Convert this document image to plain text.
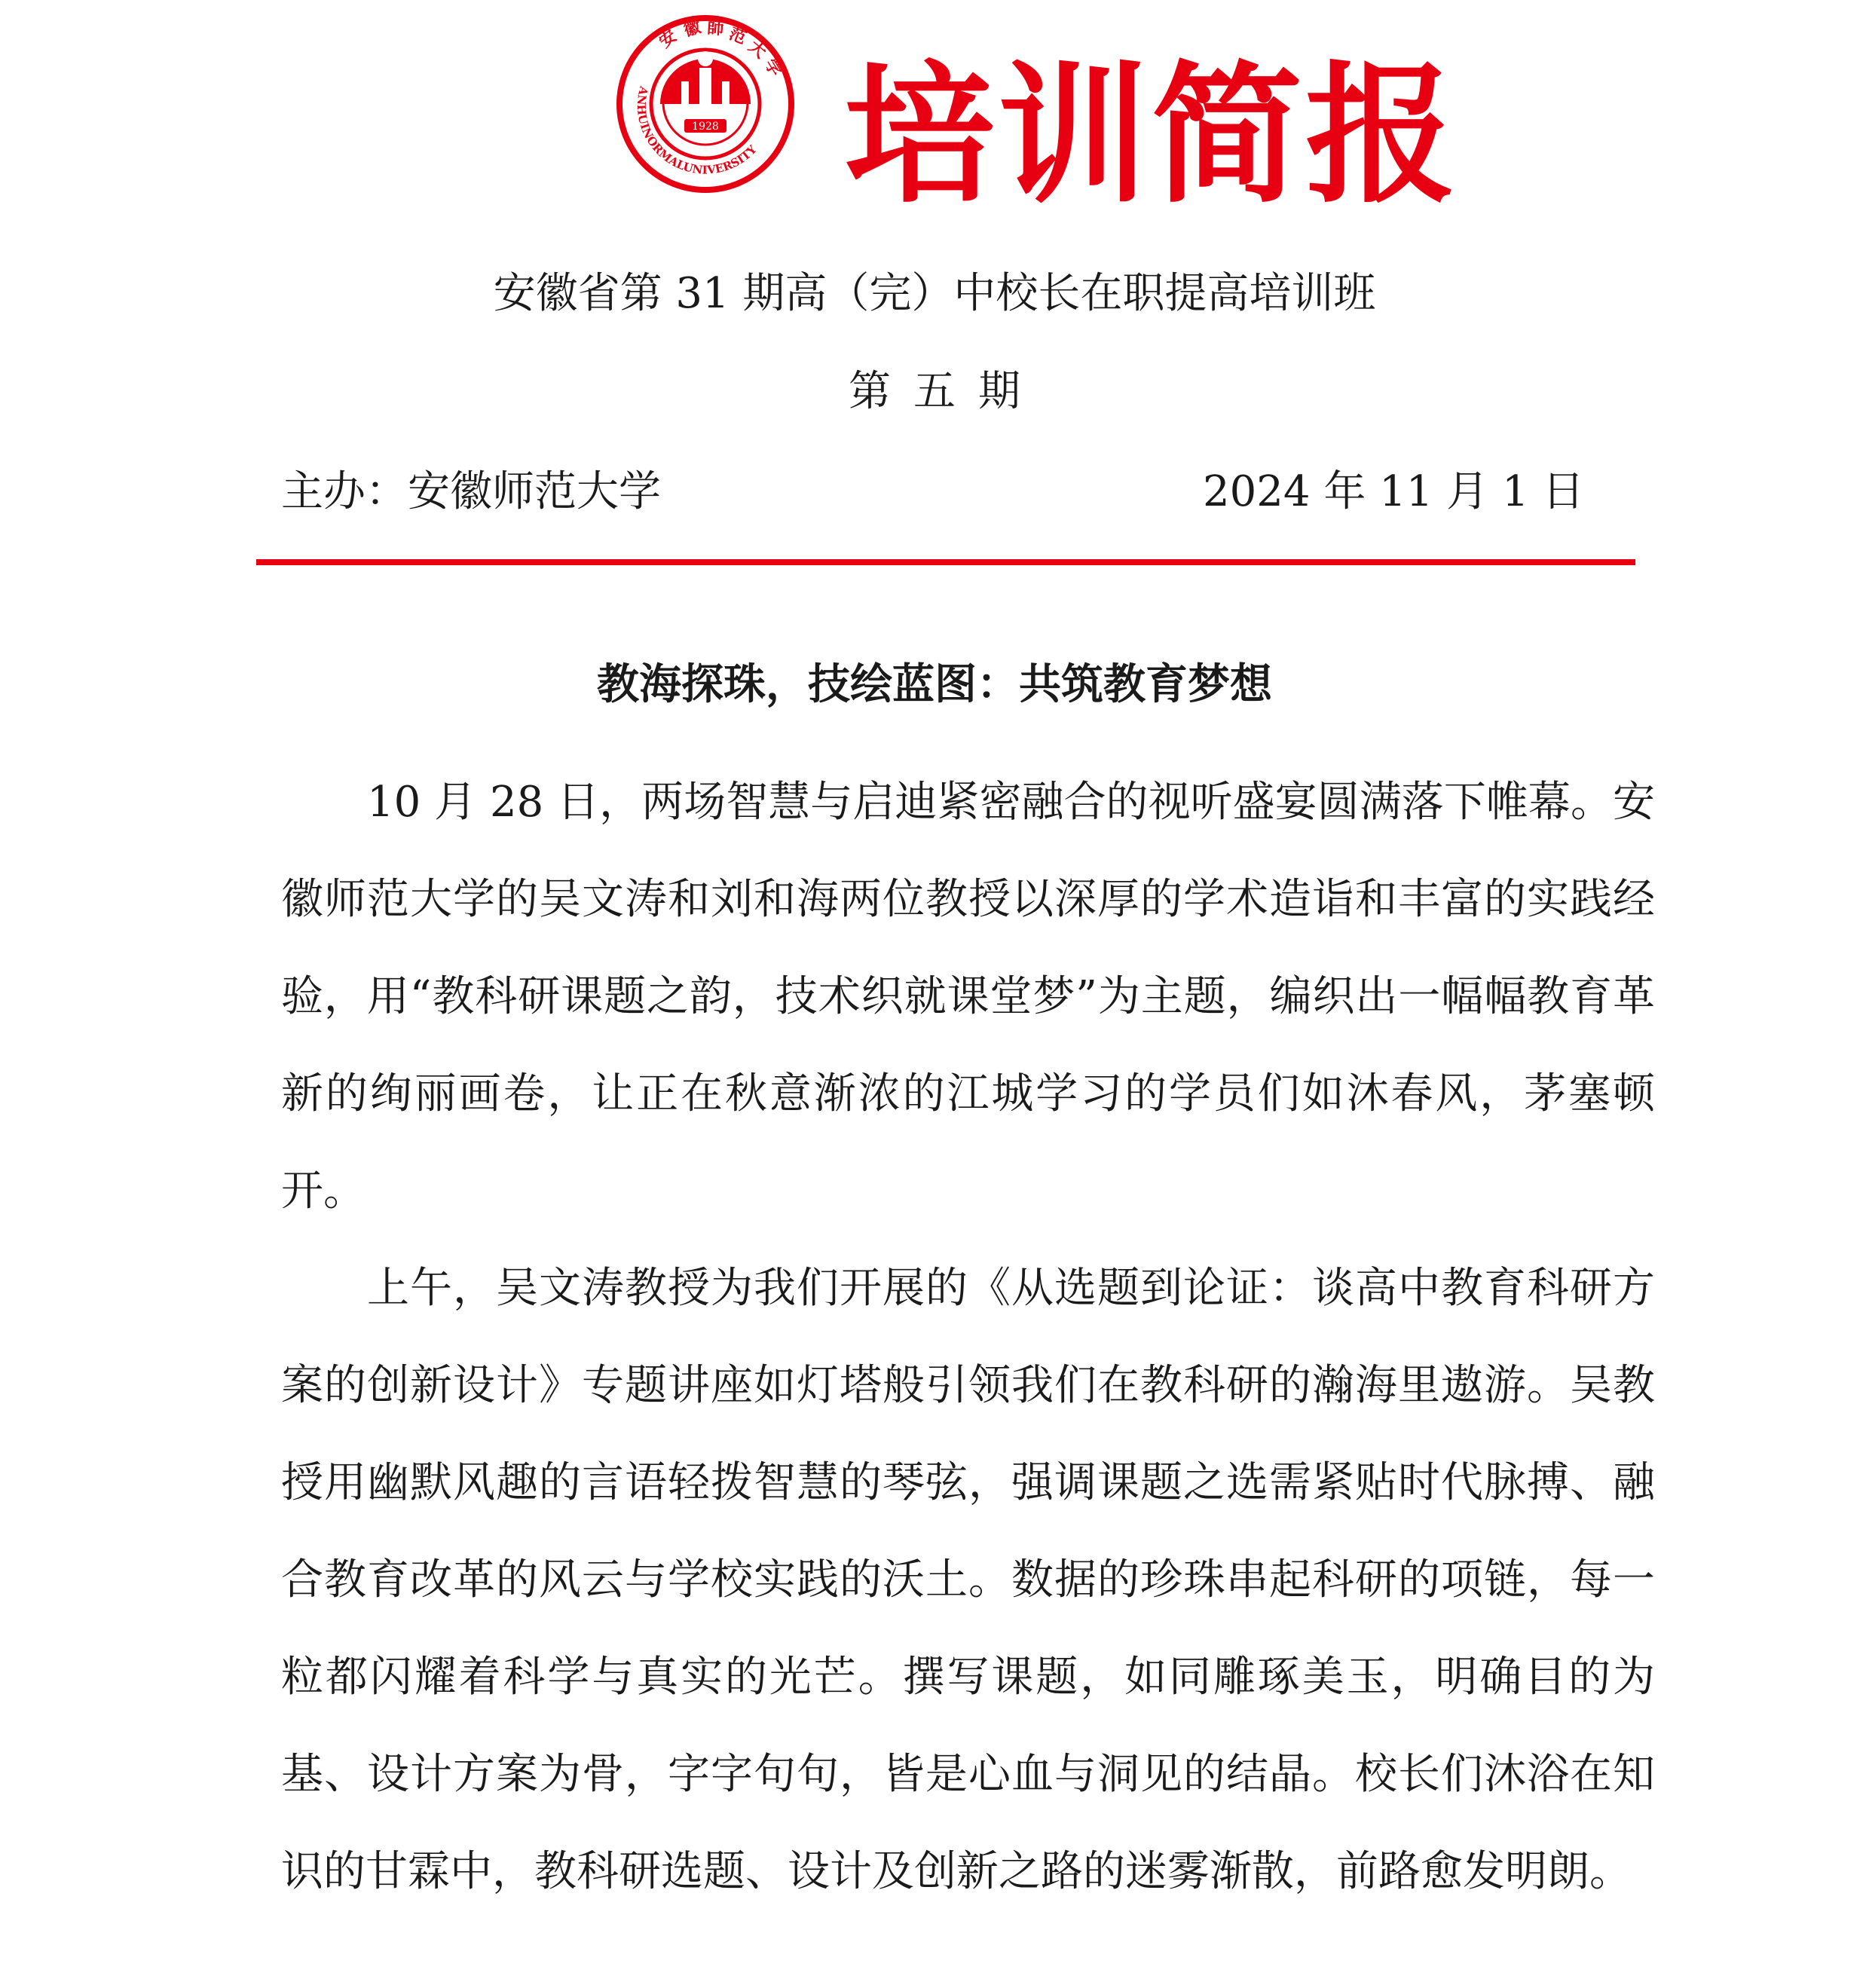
1928
安 徽 師 范
大
学
ANHUINORMALUNIVERSITY 培训简报
安徽省第 31 期高（完）中校长在职提高培训班
第五期
主办：安徽师范大学	2024 年 11 月 1 日
教海探珠，技绘蓝图：共筑教育梦想

10 月 28 日，两场智慧与启迪紧密融合的视听盛宴圆满落下帷幕。安徽师范大学的吴文涛和刘和海两位教授以深厚的学术造诣和丰富的实践经验，用“教科研课题之韵，技术织就课堂梦”为主题，编织出一幅幅教育革新的绚丽画卷，让正在秋意渐浓的江城学习的学员们如沐春风，茅塞顿开。

上午，吴文涛教授为我们开展的《从选题到论证：谈高中教育科研方案的创新设计》专题讲座如灯塔般引领我们在教科研的瀚海里遨游。吴教授用幽默风趣的言语轻拨智慧的琴弦，强调课题之选需紧贴时代脉搏、融合教育改革的风云与学校实践的沃土。数据的珍珠串起科研的项链，每一粒都闪耀着科学与真实的光芒。撰写课题，如同雕琢美玉，明确目的为基、设计方案为骨，字字句句，皆是心血与洞见的结晶。校长们沐浴在知识的甘霖中，教科研选题、设计及创新之路的迷雾渐散，前路愈发明朗。
